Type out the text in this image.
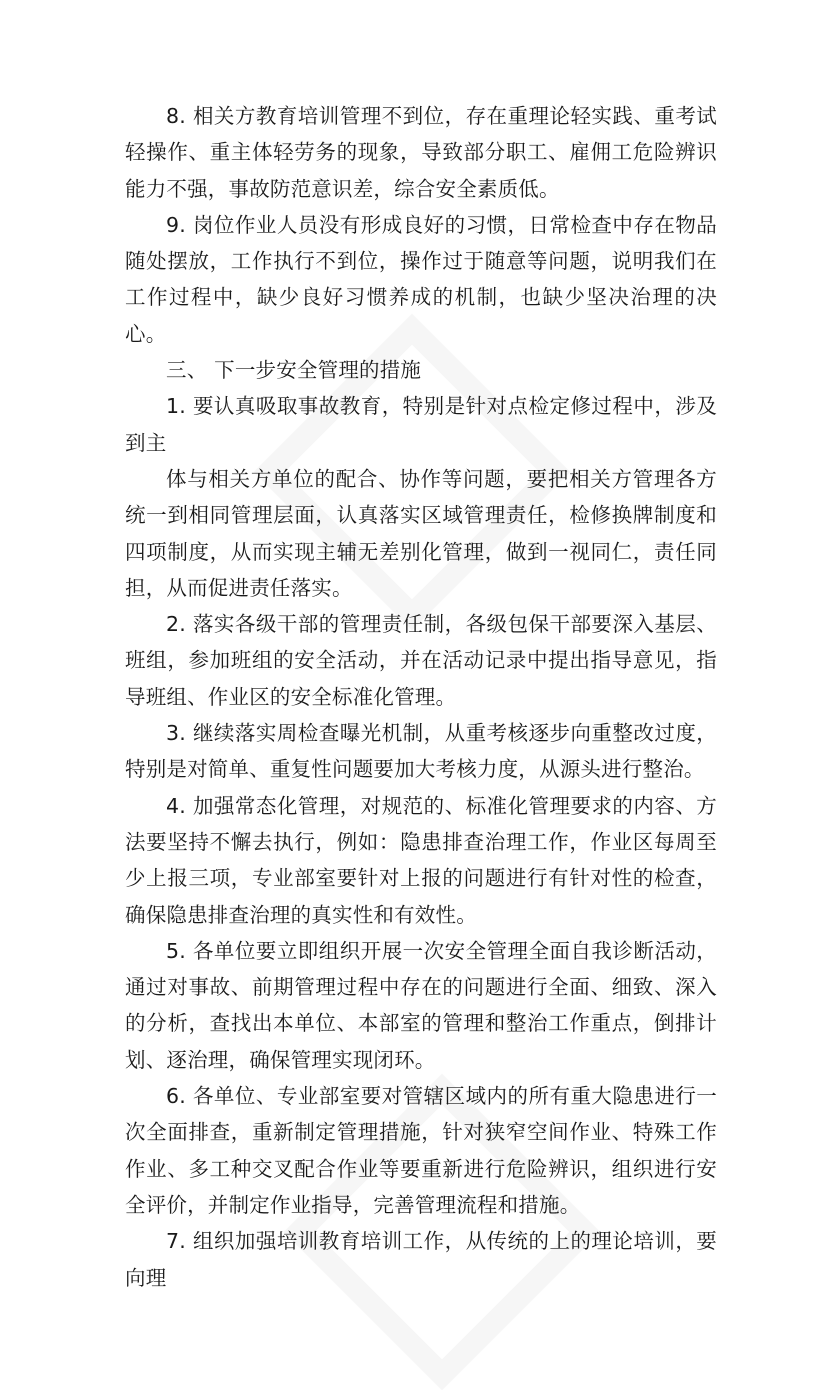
8. 相关方教育培训管理不到位，存在重理论轻实践、重考试轻操作、重主体轻劳务的现象，导致部分职工、雇佣工危险辨识能力不强，事故防范意识差，综合安全素质低。

9. 岗位作业人员没有形成良好的习惯，日常检查中存在物品随处摆放，工作执行不到位，操作过于随意等问题，说明我们在工作过程中，缺少良好习惯养成的机制，也缺少坚决治理的决心。

三、 下一步安全管理的措施

1. 要认真吸取事故教育，特别是针对点检定修过程中，涉及到主

体与相关方单位的配合、协作等问题，要把相关方管理各方统一到相同管理层面，认真落实区域管理责任，检修换牌制度和四项制度，从而实现主辅无差别化管理，做到一视同仁，责任同担，从而促进责任落实。

2. 落实各级干部的管理责任制，各级包保干部要深入基层、班组，参加班组的安全活动，并在活动记录中提出指导意见，指导班组、作业区的安全标准化管理。

3. 继续落实周检查曝光机制，从重考核逐步向重整改过度，特别是对简单、重复性问题要加大考核力度，从源头进行整治。

4. 加强常态化管理，对规范的、标准化管理要求的内容、方法要坚持不懈去执行，例如：隐患排查治理工作，作业区每周至少上报三项，专业部室要针对上报的问题进行有针对性的检查，确保隐患排查治理的真实性和有效性。

5. 各单位要立即组织开展一次安全管理全面自我诊断活动，通过对事故、前期管理过程中存在的问题进行全面、细致、深入的分析，查找出本单位、本部室的管理和整治工作重点，倒排计划、逐治理，确保管理实现闭环。

6. 各单位、专业部室要对管辖区域内的所有重大隐患进行一次全面排查，重新制定管理措施，针对狭窄空间作业、特殊工作作业、多工种交叉配合作业等要重新进行危险辨识，组织进行安全评价，并制定作业指导，完善管理流程和措施。

7. 组织加强培训教育培训工作，从传统的上的理论培训，要向理
